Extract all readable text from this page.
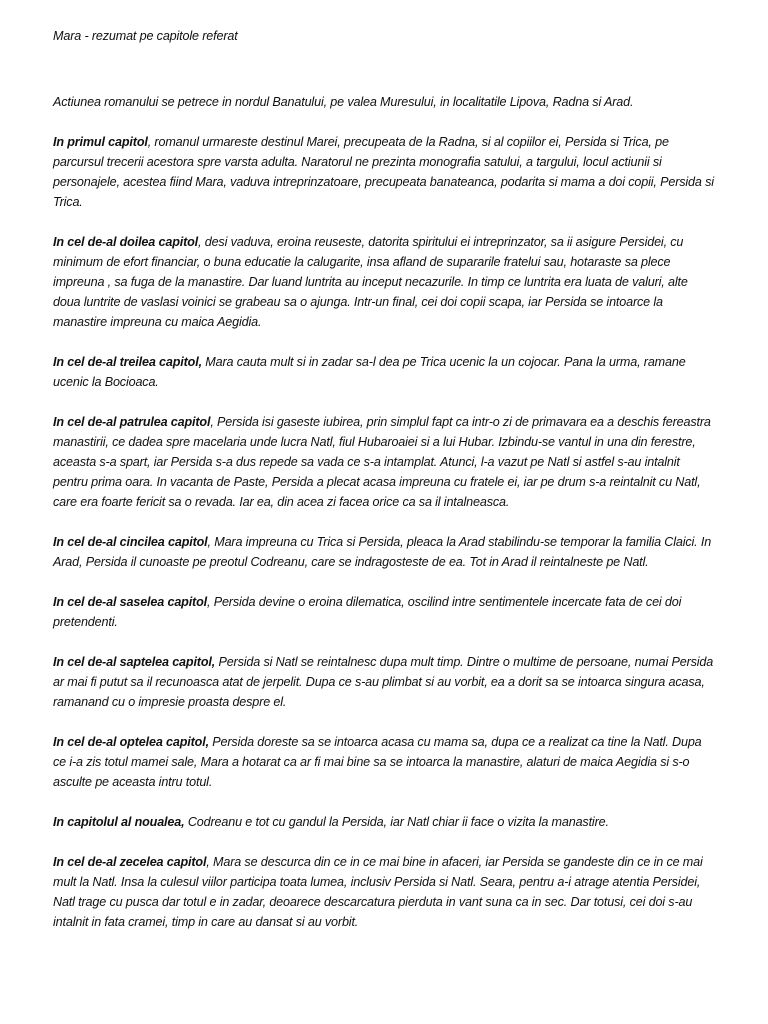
Mara - rezumat pe capitole referat

Actiunea romanului se petrece in nordul Banatului, pe valea Muresului, in localitatile Lipova, Radna si Arad.

In primul capitol, romanul urmareste destinul Marei, precupeata de la Radna, si al copiilor ei, Persida si Trica, pe parcursul trecerii acestora spre varsta adulta. Naratorul ne prezinta monografia satului, a targului, locul actiunii si personajele, acestea fiind Mara, vaduva intreprinzatoare, precupeata banateanca, podarita si mama a doi copii, Persida si Trica.

In cel de-al doilea capitol, desi vaduva, eroina reuseste, datorita spiritului ei intreprinzator, sa ii asigure Persidei, cu minimum de efort financiar, o buna educatie la calugarite, insa afland de supararile fratelui sau, hotaraste sa plece impreuna , sa fuga de la manastire. Dar luand luntrita au inceput necazurile. In timp ce luntrita era luata de valuri, alte doua luntrite de vaslasi voinici se grabeau sa o ajunga. Intr-un final, cei doi copii scapa, iar Persida se intoarce la manastire impreuna cu maica Aegidia.

In cel de-al treilea capitol, Mara cauta mult si in zadar sa-l dea pe Trica ucenic la un cojocar. Pana la urma, ramane ucenic la Bocioaca.

In cel de-al patrulea capitol, Persida isi gaseste iubirea, prin simplul fapt ca intr-o zi de primavara ea a deschis fereastra manastirii, ce dadea spre macelaria unde lucra Natl, fiul Hubaroaiei si a lui Hubar. Izbindu-se vantul in una din ferestre, aceasta s-a spart, iar Persida s-a dus repede sa vada ce s-a intamplat. Atunci, l-a vazut pe Natl si astfel s-au intalnit pentru prima oara. In vacanta de Paste, Persida a plecat acasa impreuna cu fratele ei, iar pe drum s-a reintalnit cu Natl, care era foarte fericit sa o revada. Iar ea, din acea zi facea orice ca sa il intalneasca.

In cel de-al cincilea capitol, Mara impreuna cu Trica si Persida, pleaca la Arad stabilindu-se temporar la familia Claici. In Arad, Persida il cunoaste pe preotul Codreanu, care se indragosteste de ea. Tot in Arad il reintalneste pe Natl.

In cel de-al saselea capitol, Persida devine o eroina dilematica, oscilind intre sentimentele incercate fata de cei doi pretendenti.

In cel de-al saptelea capitol, Persida si Natl se reintalnesc dupa mult timp. Dintre o multime de persoane, numai Persida ar mai fi putut sa il recunoasca atat de jerpelit. Dupa ce s-au plimbat si au vorbit, ea a dorit sa se intoarca singura acasa, ramanand cu o impresie proasta despre el.

In cel de-al optelea capitol, Persida doreste sa se intoarca acasa cu mama sa, dupa ce a realizat ca tine la Natl. Dupa ce i-a zis totul mamei sale, Mara a hotarat ca ar fi mai bine sa se intoarca la manastire, alaturi de maica Aegidia si s-o asculte pe aceasta intru totul.

In capitolul al noualea, Codreanu e tot cu gandul la Persida, iar Natl chiar ii face o vizita la manastire.

In cel de-al zecelea capitol, Mara se descurca din ce in ce mai bine in afaceri, iar Persida se gandeste din ce in ce mai mult la Natl. Insa la culesul viilor participa toata lumea, inclusiv Persida si Natl. Seara, pentru a-i atrage atentia Persidei, Natl trage cu pusca dar totul e in zadar, deoarece descarcatura pierduta in vant suna ca in sec. Dar totusi, cei doi s-au intalnit in fata cramei, timp in care au dansat si au vorbit.
